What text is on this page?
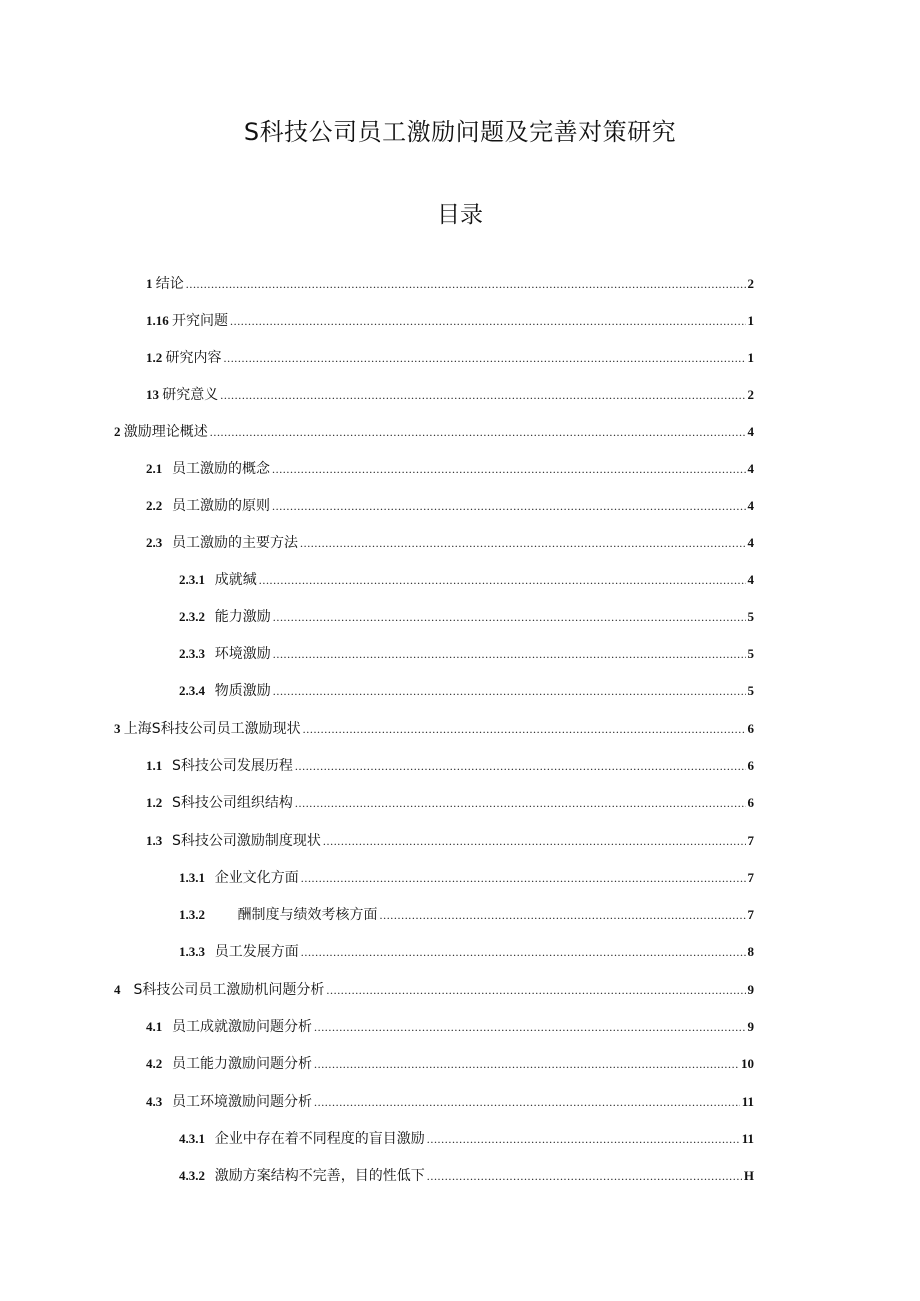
S科技公司员工激励问题及完善对策研究
目录
1 结论 .....	2
1.16 开究问题 .....	1
1.2 研究内容 .....	1
13 研究意义 .....	2
2 激励理论概述 .....	4
2.1 员工激励的概念 .....	4
2.2 员工激励的原则 .....	4
2.3 员工激励的主要方法 .....	4
2.3.1 成就缄 .....	4
2.3.2 能力激励 .....	5
2.3.3 环境激励 .....	5
2.3.4 物质激励 .....	5
3 上海S科技公司员工激励现状 .....	6
1.1 S科技公司发展历程 .....	6
1.2 S科技公司组织结构 .....	6
1.3 S科技公司激励制度现状 .....	7
1.3.1 企业文化方面 .....	7
1.3.2 酬制度与绩效考核方面 .....	7
1.3.3 员工发展方面 .....	8
4 S科技公司员工激励机问题分析 .....	9
4.1 员工成就激励问题分析 .....	9
4.2 员工能力激励问题分析 .....	10
4.3 员工环境激励问题分析 .....	11
4.3.1 企业中存在着不同程度的盲目激励 .....	11
4.3.2 激励方案结构不完善，目的性低下 .....	H
